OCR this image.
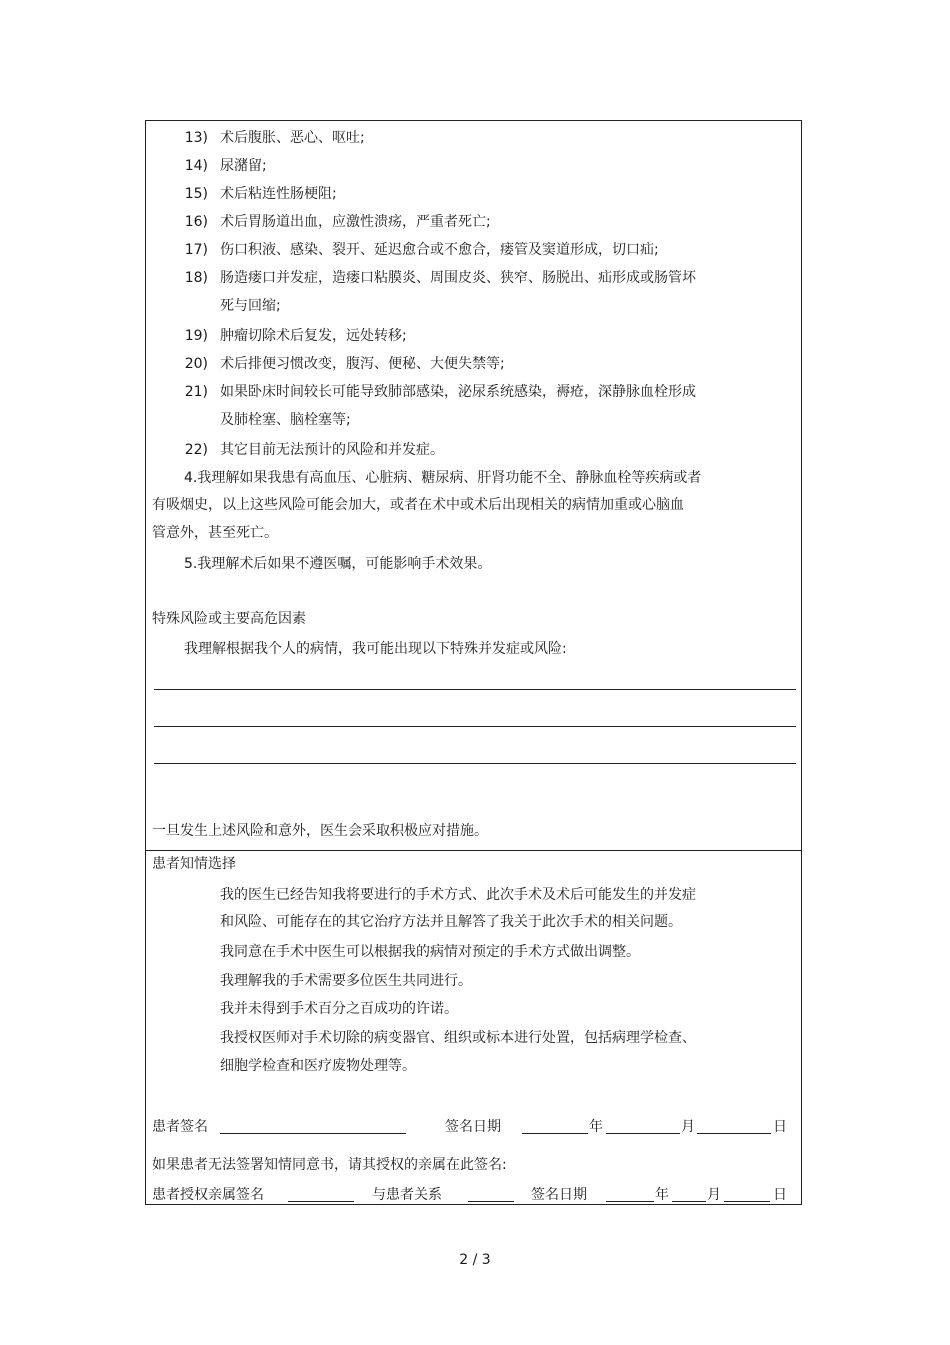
13) 术后腹胀、恶心、呕吐;
14) 尿潴留;
15) 术后粘连性肠梗阻;
16) 术后胃肠道出血，应激性溃疡，严重者死亡;
17) 伤口积液、感染、裂开、延迟愈合或不愈合，瘘管及窦道形成，切口疝;
18) 肠造瘘口并发症，造瘘口粘膜炎、周围皮炎、狭窄、肠脱出、疝形成或肠管坏
死与回缩;
19) 肿瘤切除术后复发，远处转移;
20) 术后排便习惯改变，腹泻、便秘、大便失禁等;
21) 如果卧床时间较长可能导致肺部感染，泌尿系统感染，褥疮，深静脉血栓形成
及肺栓塞、脑栓塞等;
22) 其它目前无法预计的风险和并发症。
4.我理解如果我患有高血压、心脏病、糖尿病、肝肾功能不全、静脉血栓等疾病或者
有吸烟史，以上这些风险可能会加大，或者在术中或术后出现相关的病情加重或心脑血
管意外，甚至死亡。
5.我理解术后如果不遵医嘱，可能影响手术效果。
特殊风险或主要高危因素
我理解根据我个人的病情，我可能出现以下特殊并发症或风险:
一旦发生上述风险和意外，医生会采取积极应对措施。
患者知情选择
我的医生已经告知我将要进行的手术方式、此次手术及术后可能发生的并发症
和风险、可能存在的其它治疗方法并且解答了我关于此次手术的相关问题。
我同意在手术中医生可以根据我的病情对预定的手术方式做出调整。
我理解我的手术需要多位医生共同进行。
我并未得到手术百分之百成功的许诺。
我授权医师对手术切除的病变器官、组织或标本进行处置，包括病理学检查、
细胞学检查和医疗废物处理等。
患者签名	签名日期	年	月	日
如果患者无法签署知情同意书，请其授权的亲属在此签名:
患者授权亲属签名	与患者关系	签名日期	年	月	日
2 / 3
